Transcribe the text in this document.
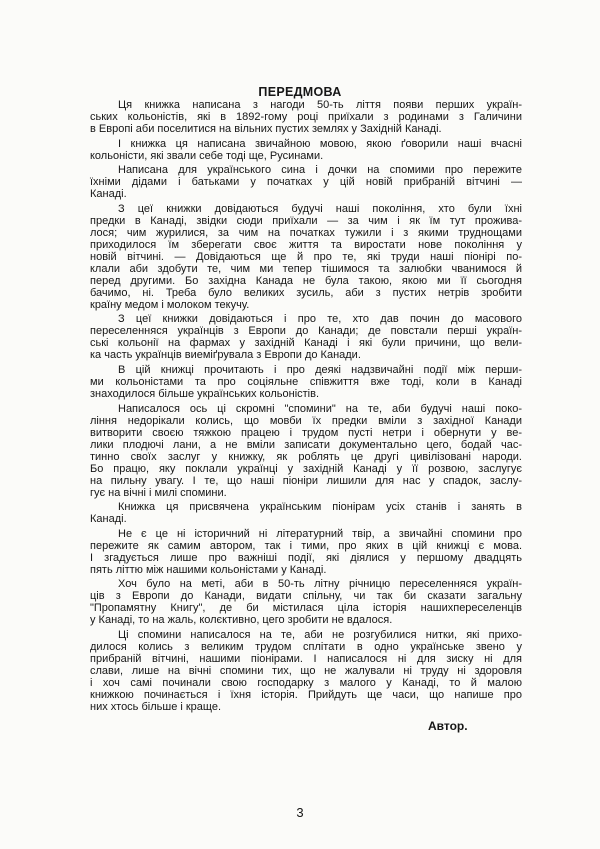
ПЕРЕДМОВА
Ця книжка написана з нагоди 50-ть ліття появи перших україн-
ських кольоністів, які в 1892-гому році приїхали з родинами з Галичини
в Европі аби поселитися на вільних пустих землях у Західній Канаді.
І книжка ця написана звичайною мовою, якою ґоворили наші вчасні
кольоністи, які звали себе тоді ще, Русинами.
Написана для українського сина і дочки на спомими про пережите
їхніми дідами і батьками у початках у цій новій прибраній вітчині —
Канаді.
З цеї книжки довідаються будучі наші покоління, хто були їхні
предки в Канаді, звідки сюди приїхали — за чим і як їм тут прожива-
лося; чим журилися, за чим на початках тужили і з якими труднощами
приходилося їм зберегати своє життя та виростати нове покоління у
новій вітчині. — Довідаються ще й про те, які труди наші піонірі по-
клали аби здобути те, чим ми тепер тішимося та залюбки чванимося й
перед другими. Бо західна Канада не була такою, якою ми її сьогодня
бачимо, ні. Треба було великих зусиль, аби з пустих нетрів зробити
країну медом і молоком текучу.
З цеї книжки довідаються і про те, хто дав почин до масового
переселенняся українців з Европи до Канади; де повстали перші україн-
ські кольонії на фармах у західній Канаді і які були причини, що вели-
ка часть українців виеміґрувала з Европи до Канади.
В цій книжці прочитають і про деякі надзвичайні події між перши-
ми кольоністами та про соціяльне співжиття вже тоді, коли в Канаді
знаходилося більше українських кольоністів.
Написалося ось ці скромні "спомини" на те, аби будучі наші поко-
ління недорікали колись, що мовби їх предки вміли з західної Канади
витворити своєю тяжкою працею і трудом пусті нетри і обернути у ве-
лики плодючі лани, а не вміли записати документально цего, бодай час-
тинно своїх заслуг у книжку, як роблять це другі цивілізовані народи.
Бо працю, яку поклали українці у західній Канаді у її розвою, заслугує
на пильну увагу. І те, що наші піоніри лишили для нас у спадок, заслу-
гує на вічні і милі спомини.
Книжка ця присвячена українським піонірам усіх станів і занять в
Канаді.
Не є це ні історичний ні літературний твір, а звичайні спомини про
пережите як самим автором, так і тими, про яких в цій книжці є мова.
І згадується лише про важніші події, які діялися у першому двадцять
пять літтю між нашими кольоністами у Канаді.
Хоч було на меті, аби в 50-ть літну річницю переселенняся україн-
ців з Европи до Канади, видати спільну, чи так би сказати загальну
"Пропамятну Книгу", де би містилася ціла історія нашихпереселенців
у Канаді, то на жаль, колєктивно, цего зробити не вдалося.
Ці спомини написалося на те, аби не розгубилися нитки, які прихо-
дилося колись з великим трудом сплітати в одно українське звено у
прибраній вітчині, нашими піонірами. І написалося ні для зиску ні для
слави, лише на вічні спомини тих, що не жалували ні труду ні здоровля
і хоч самі починали свою господарку з малого у Канаді, то й малою
книжкою починається і їхня історія. Прийдуть ще часи, що напише про
них хтось більше і краще.
Автор.
3
